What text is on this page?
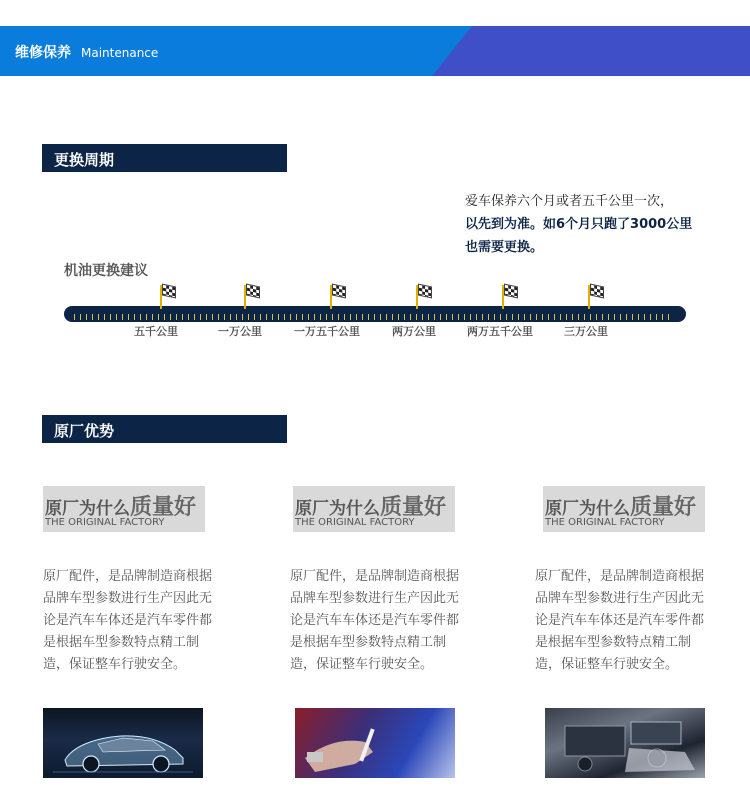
维修保养 Maintenance
更换周期
爱车保养六个月或者五千公里一次，
以先到为准。如6个月只跑了3000公里也需要更换。
机油更换建议
五千公里	一万公里	一万五千公里	两万公里	两万五千公里	三万公里
原厂优势
原厂为什么质量好
THE ORIGINAL FACTORY
原厂配件，是品牌制造商根据品牌车型参数进行生产因此无论是汽车车体还是汽车零件都是根据车型参数特点精工制造，保证整车行驶安全。
原厂为什么质量好
THE ORIGINAL FACTORY
原厂配件，是品牌制造商根据品牌车型参数进行生产因此无论是汽车车体还是汽车零件都是根据车型参数特点精工制造，保证整车行驶安全。
原厂为什么质量好
THE ORIGINAL FACTORY
原厂配件，是品牌制造商根据品牌车型参数进行生产因此无论是汽车车体还是汽车零件都是根据车型参数特点精工制造，保证整车行驶安全。
